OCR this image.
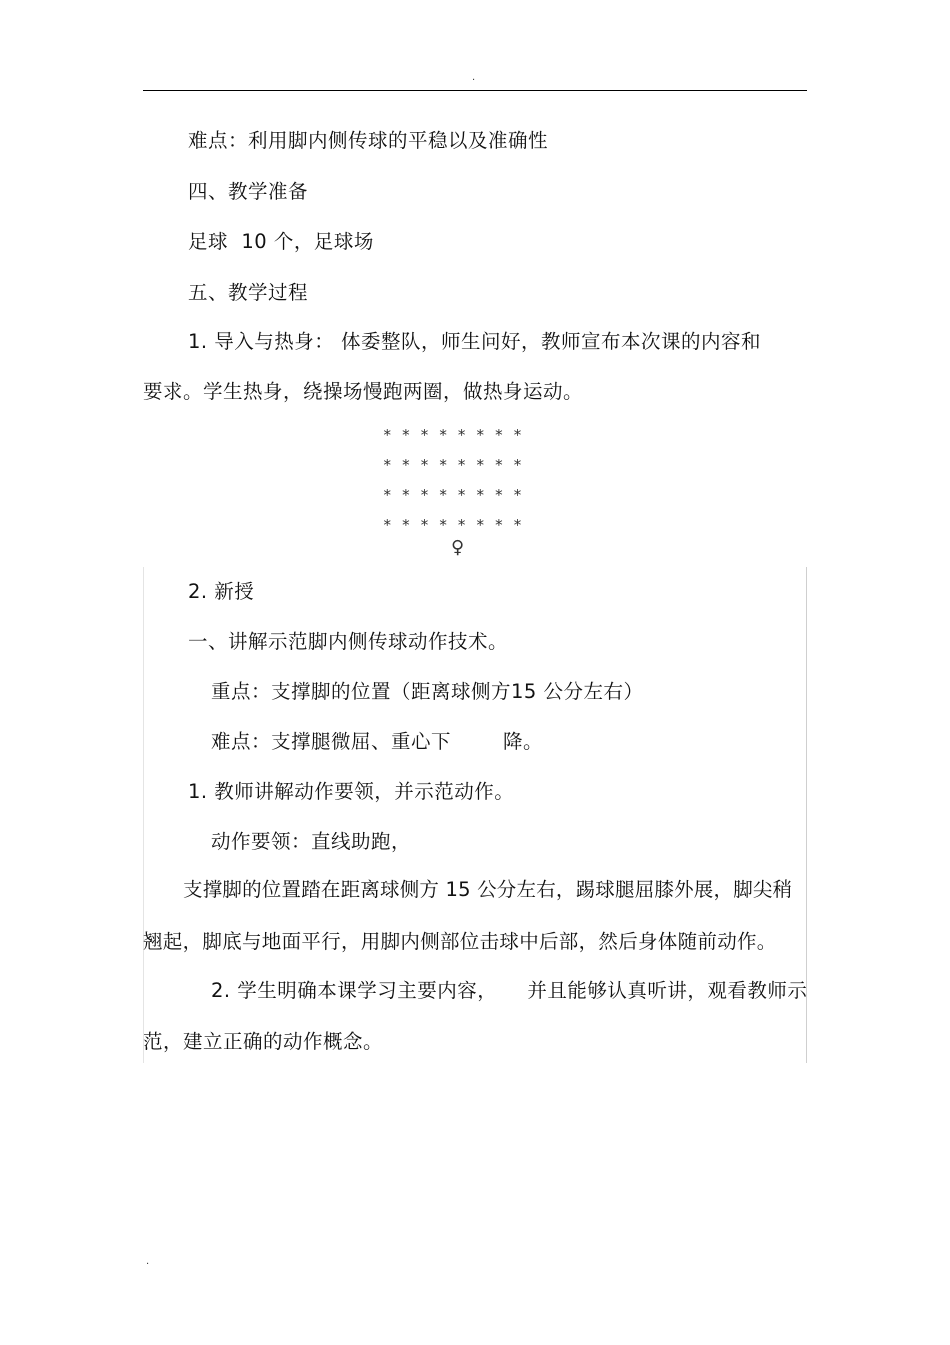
.
难点：利用脚内侧传球的平稳以及准确性
四、教学准备
足球  10 个，足球场
五、教学过程
1. 导入与热身： 体委整队，师生问好，教师宣布本次课的内容和
要求。学生热身，绕操场慢跑两圈，做热身运动。
* * * * * * * *
* * * * * * * *
* * * * * * * *
* * * * * * * *
♀
2. 新授
一、讲解示范脚内侧传球动作技术。
重点：支撑脚的位置（距离球侧方15 公分左右）
难点：支撑腿微屈、重心下	降。
1. 教师讲解动作要领，并示范动作。
动作要领：直线助跑，
支撑脚的位置踏在距离球侧方 15 公分左右，踢球腿屈膝外展，脚尖稍
翘起，脚底与地面平行，用脚内侧部位击球中后部，然后身体随前动作。
2. 学生明确本课学习主要内容， 并且能够认真听讲，观看教师示
范，建立正确的动作概念。
.
